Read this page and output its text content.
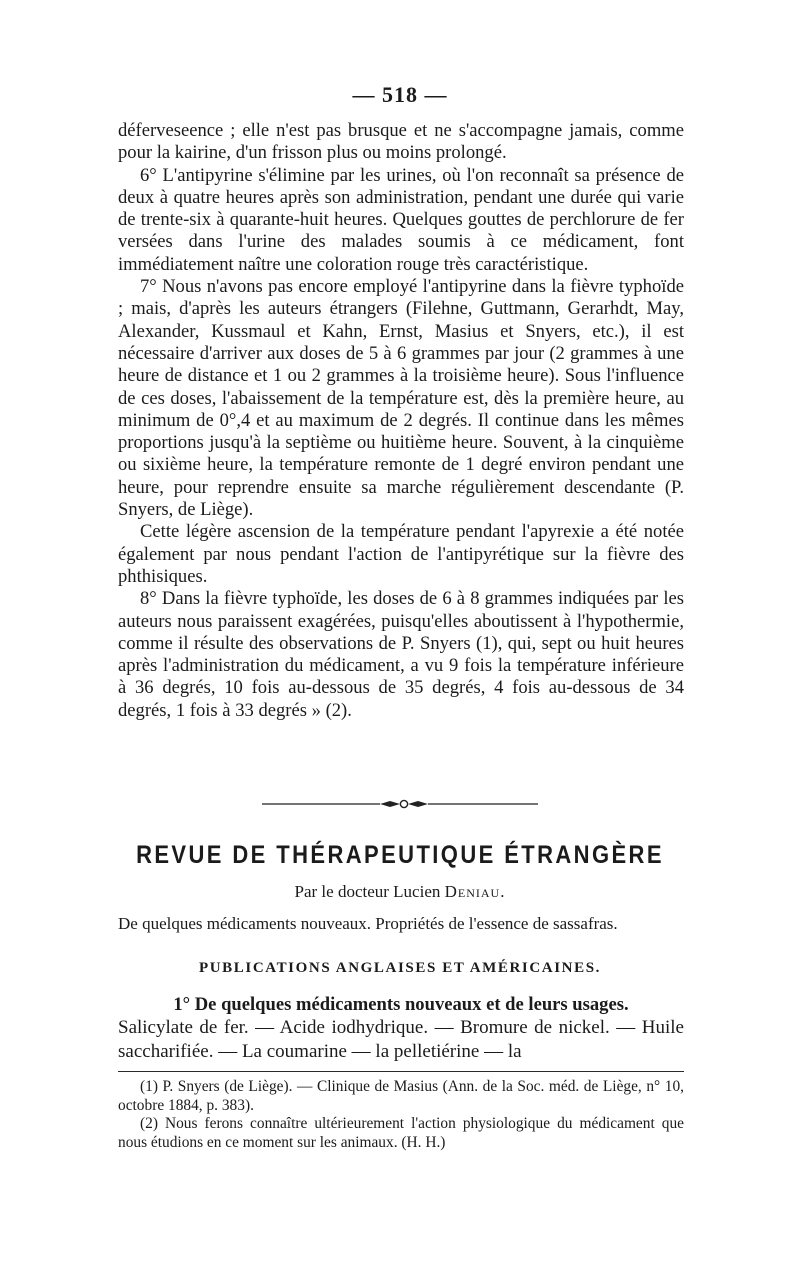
— 518 —

déferveseence ; elle n'est pas brusque et ne s'accompagne jamais, comme pour la kairine, d'un frisson plus ou moins prolongé.

6° L'antipyrine s'élimine par les urines, où l'on reconnaît sa présence de deux à quatre heures après son administration, pendant une durée qui varie de trente-six à quarante-huit heures. Quelques gouttes de perchlorure de fer versées dans l'urine des malades soumis à ce médicament, font immédiatement naître une coloration rouge très caractéristique.

7° Nous n'avons pas encore employé l'antipyrine dans la fièvre typhoïde ; mais, d'après les auteurs étrangers (Filehne, Guttmann, Gerarhdt, May, Alexander, Kussmaul et Kahn, Ernst, Masius et Snyers, etc.), il est nécessaire d'arriver aux doses de 5 à 6 grammes par jour (2 grammes à une heure de distance et 1 ou 2 grammes à la troisième heure). Sous l'influence de ces doses, l'abaissement de la température est, dès la première heure, au minimum de 0°,4 et au maximum de 2 degrés. Il continue dans les mêmes proportions jusqu'à la septième ou huitième heure. Souvent, à la cinquième ou sixième heure, la température remonte de 1 degré environ pendant une heure, pour reprendre ensuite sa marche régulièrement descendante (P. Snyers, de Liège).

Cette légère ascension de la température pendant l'apyrexie a été notée également par nous pendant l'action de l'antipyrétique sur la fièvre des phthisiques.

8° Dans la fièvre typhoïde, les doses de 6 à 8 grammes indiquées par les auteurs nous paraissent exagérées, puisqu'elles aboutissent à l'hypothermie, comme il résulte des observations de P. Snyers (1), qui, sept ou huit heures après l'administration du médicament, a vu 9 fois la température inférieure à 36 degrés, 10 fois au-dessous de 35 degrés, 4 fois au-dessous de 34 degrés, 1 fois à 33 degrés » (2).

REVUE DE THÉRAPEUTIQUE ÉTRANGÈRE
Par le docteur Lucien Deniau.
De quelques médicaments nouveaux. Propriétés de l'essence de sassafras.
PUBLICATIONS ANGLAISES ET AMÉRICAINES.
1° De quelques médicaments nouveaux et de leurs usages.

Salicylate de fer. — Acide iodhydrique. — Bromure de nickel. — Huile saccharifiée. — La coumarine — la pelletiérine — la

(1) P. Snyers (de Liège). — Clinique de Masius (Ann. de la Soc. méd. de Liège, n° 10, octobre 1884, p. 383).

(2) Nous ferons connaître ultérieurement l'action physiologique du médicament que nous étudions en ce moment sur les animaux. (H. H.)
